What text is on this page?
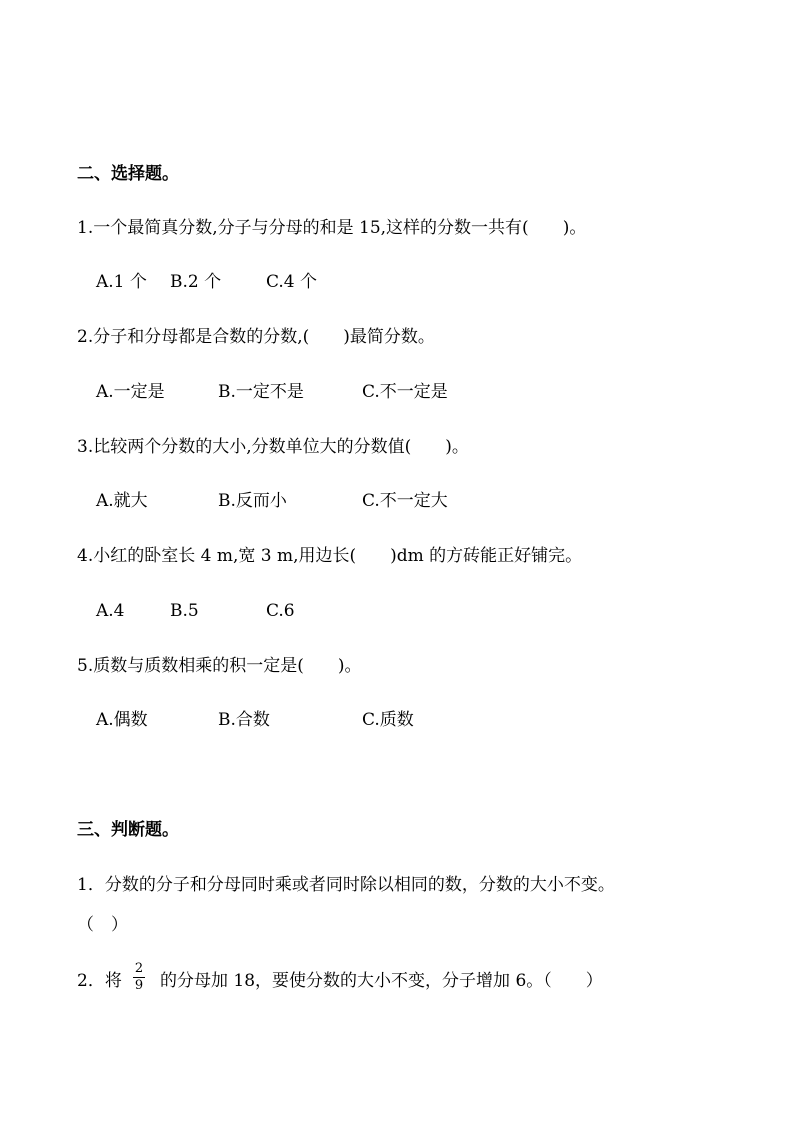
二、选择题。
1.一个最简真分数,分子与分母的和是 15,这样的分数一共有(　　)。
A.1 个 B.2 个	C.4 个
2.分子和分母都是合数的分数,(　　)最简分数。
A.一定是	B.一定不是	C.不一定是
3.比较两个分数的大小,分数单位大的分数值(　　)。
A.就大	B.反而小	C.不一定大
4.小红的卧室长 4 m,宽 3 m,用边长(　　)dm 的方砖能正好铺完。
A.4	B.5	C.6
5.质数与质数相乘的积一定是(　　)。
A.偶数	B.合数	C.质数
三、判断题。
1．分数的分子和分母同时乘或者同时除以相同的数，分数的大小不变。
（　）
2．将
2
9 的分母加 18，要使分数的大小不变，分子增加 6。（　　）
